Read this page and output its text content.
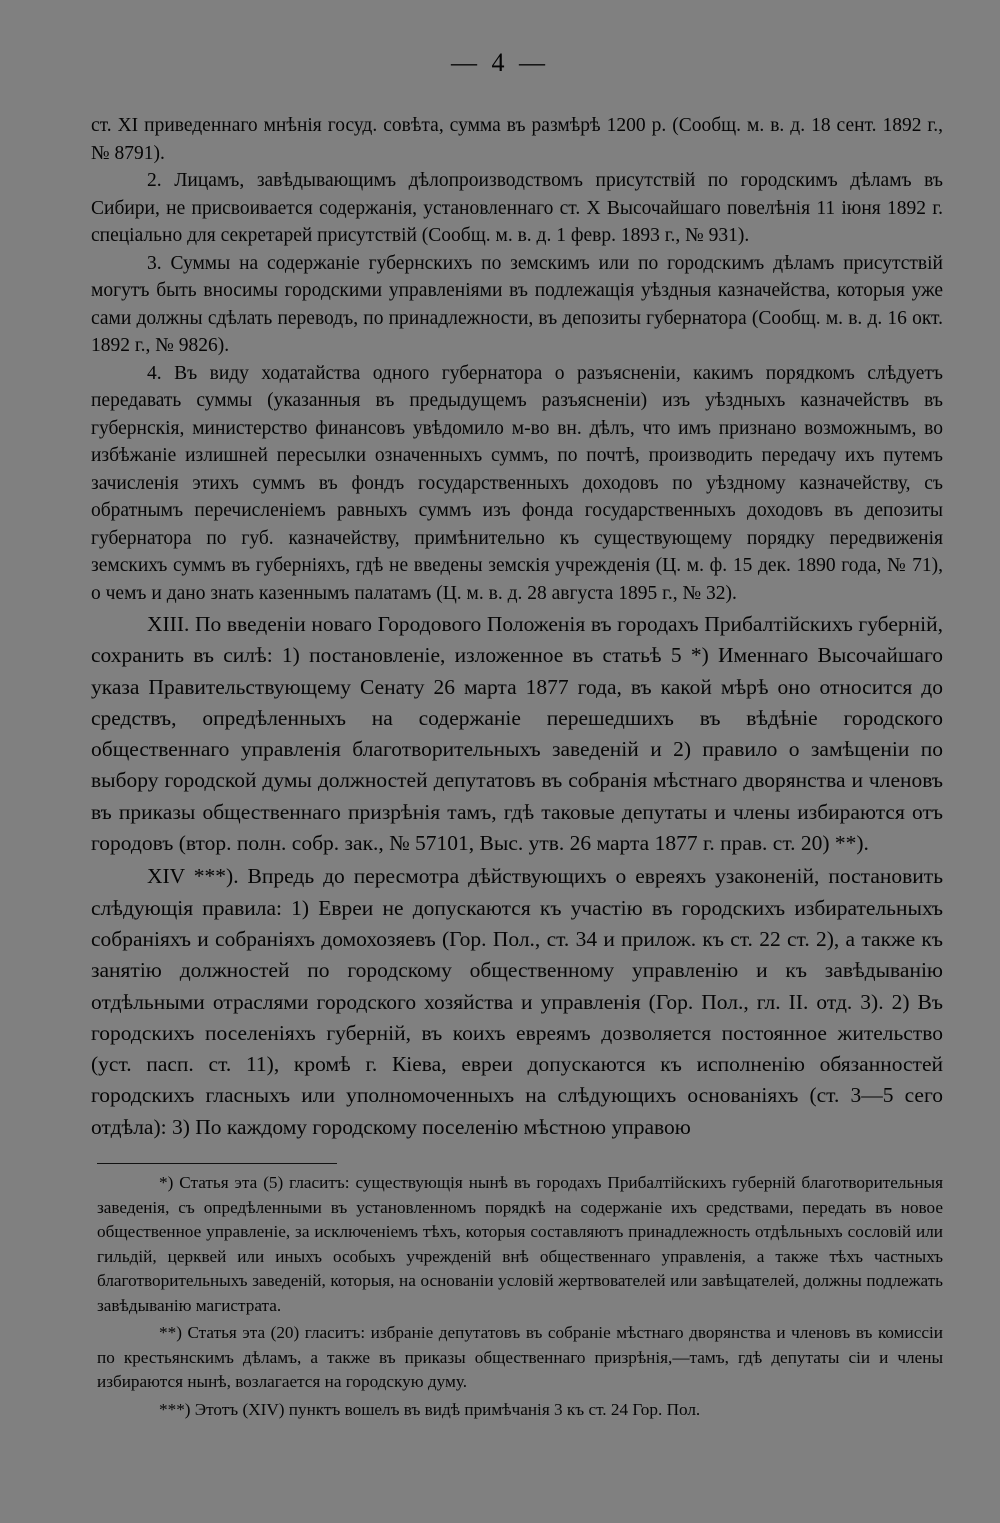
— 4 —

ст. XI приведеннаго мнѣнія госуд. совѣта, сумма въ размѣрѣ 1200 р. (Сообщ. м. в. д. 18 сент. 1892 г., № 8791).

2. Лицамъ, завѣдывающимъ дѣлопроизводствомъ присутствій по городскимъ дѣламъ въ Сибири, не присвоивается содержанія, установленнаго ст. X Высочайшаго повелѣнія 11 іюня 1892 г. спеціально для секретарей присутствій (Сообщ. м. в. д. 1 февр. 1893 г., № 931).

3. Суммы на содержаніе губернскихъ по земскимъ или по городскимъ дѣламъ присутствій могутъ быть вносимы городскими управленіями въ подлежащія уѣздныя казначейства, которыя уже сами должны сдѣлать переводъ, по принадлежности, въ депозиты губернатора (Сообщ. м. в. д. 16 окт. 1892 г., № 9826).

4. Въ виду ходатайства одного губернатора о разъясненіи, какимъ порядкомъ слѣдуетъ передавать суммы (указанныя въ предыдущемъ разъясненіи) изъ уѣздныхъ казначействъ въ губернскія, министерство финансовъ увѣдомило м-во вн. дѣлъ, что имъ признано возможнымъ, во избѣжаніе излишней пересылки означенныхъ суммъ, по почтѣ, производить передачу ихъ путемъ зачисленія этихъ суммъ въ фондъ государственныхъ доходовъ по уѣздному казначейству, съ обратнымъ перечисленіемъ равныхъ суммъ изъ фонда государственныхъ доходовъ въ депозиты губернатора по губ. казначейству, примѣнительно къ существующему порядку передвиженія земскихъ суммъ въ губерніяхъ, гдѣ не введены земскія учрежденія (Ц. м. ф. 15 дек. 1890 года, № 71), о чемъ и дано знать казеннымъ палатамъ (Ц. м. в. д. 28 августа 1895 г., № 32).

XIII. По введеніи новаго Городового Положенія въ городахъ Прибалтійскихъ губерній, сохранить въ силѣ: 1) постановленіе, изложенное въ статьѣ 5 *) Именнаго Высочайшаго указа Правительствующему Сенату 26 марта 1877 года, въ какой мѣрѣ оно относится до средствъ, опредѣленныхъ на содержаніе перешедшихъ въ вѣдѣніе городского общественнаго управленія благотворительныхъ заведеній и 2) правило о замѣщеніи по выбору городской думы должностей депутатовъ въ собранія мѣстнаго дворянства и членовъ въ приказы общественнаго призрѣнія тамъ, гдѣ таковые депутаты и члены избираются отъ городовъ (втор. полн. собр. зак., № 57101, Выс. утв. 26 марта 1877 г. прав. ст. 20) **).

XIV ***). Впредь до пересмотра дѣйствующихъ о евреяхъ узаконеній, постановить слѣдующія правила: 1) Евреи не допускаются къ участію въ городскихъ избирательныхъ собраніяхъ и собраніяхъ домохозяевъ (Гор. Пол., ст. 34 и прилож. къ ст. 22 ст. 2), а также къ занятію должностей по городскому общественному управленію и къ завѣдыванію отдѣльными отраслями городского хозяйства и управленія (Гор. Пол., гл. II. отд. 3). 2) Въ городскихъ поселеніяхъ губерній, въ коихъ евреямъ дозволяется постоянное жительство (уст. пасп. ст. 11), кромѣ г. Кіева, евреи допускаются къ исполненію обязанностей городскихъ гласныхъ или уполномоченныхъ на слѣдующихъ основаніяхъ (ст. 3—5 сего отдѣла): 3) По каждому городскому поселенію мѣстною управою

*) Статья эта (5) гласитъ: существующія нынѣ въ городахъ Прибалтійскихъ губерній благотворительныя заведенія, съ опредѣленными въ установленномъ порядкѣ на содержаніе ихъ средствами, передать въ новое общественное управленіе, за исключеніемъ тѣхъ, которыя составляютъ принадлежность отдѣльныхъ сословій или гильдій, церквей или иныхъ особыхъ учрежденій внѣ общественнаго управленія, а также тѣхъ частныхъ благотворительныхъ заведеній, которыя, на основаніи условій жертвователей или завѣщателей, должны подлежать завѣдыванію магистрата.

**) Статья эта (20) гласитъ: избраніе депутатовъ въ собраніе мѣстнаго дворянства и членовъ въ комиссіи по крестьянскимъ дѣламъ, а также въ приказы общественнаго призрѣнія,—тамъ, гдѣ депутаты сіи и члены избираются нынѣ, возлагается на городскую думу.

***) Этотъ (XIV) пунктъ вошелъ въ видѣ примѣчанія 3 къ ст. 24 Гор. Пол.
